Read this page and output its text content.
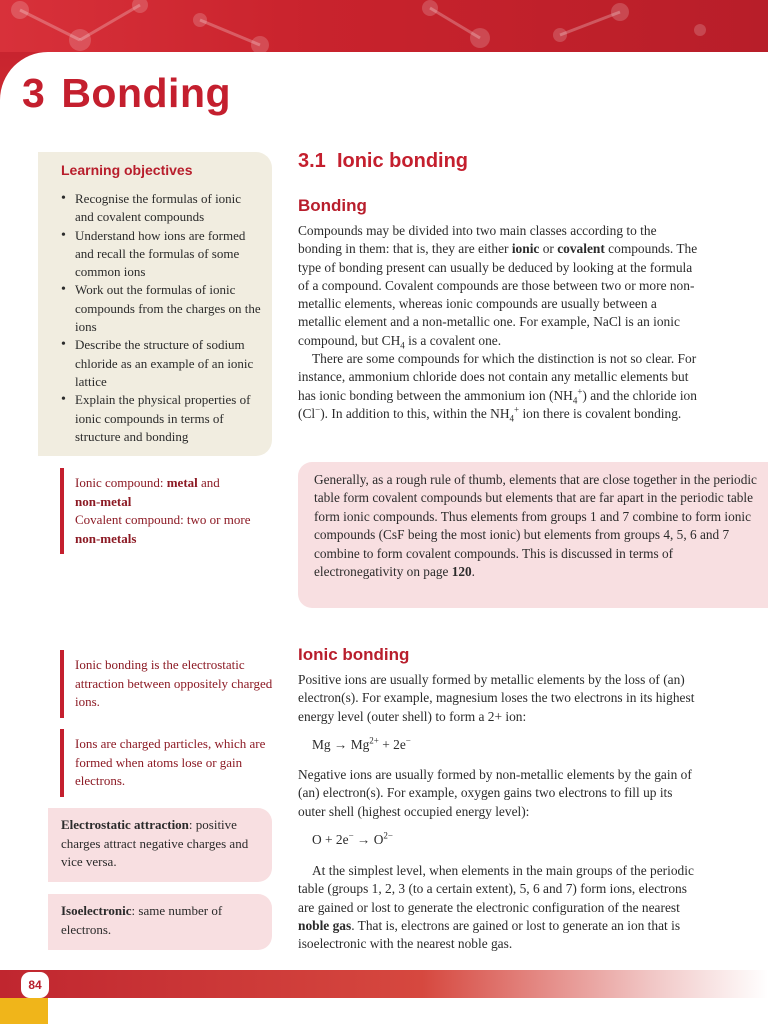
3 Bonding
Learning objectives
• Recognise the formulas of ionic and covalent compounds
• Understand how ions are formed and recall the formulas of some common ions
• Work out the formulas of ionic compounds from the charges on the ions
• Describe the structure of sodium chloride as an example of an ionic lattice
• Explain the physical properties of ionic compounds in terms of structure and bonding
Ionic compound: metal and
non-metal
Covalent compound: two or more
non-metals
Ionic bonding is the electrostatic attraction between oppositely charged ions.
Ions are charged particles, which are formed when atoms lose or gain electrons.
Electrostatic attraction: positive charges attract negative charges and vice versa.
Isoelectronic: same number of electrons.
3.1 Ionic bonding
Bonding
Compounds may be divided into two main classes according to the bonding in them: that is, they are either ionic or covalent compounds. The type of bonding present can usually be deduced by looking at the formula of a compound. Covalent compounds are those between two or more non-metallic elements, whereas ionic compounds are usually between a metallic element and a non-metallic one. For example, NaCl is an ionic compound, but $CH_4$ is a covalent one.
There are some compounds for which the distinction is not so clear. For instance, ammonium chloride does not contain any metallic elements but has ionic bonding between the ammonium ion $(NH_4^+)$ and the chloride ion (Cl−). In addition to this, within the $NH_4^+$ ion there is covalent bonding.
Generally, as a rough rule of thumb, elements that are close together in the periodic table form covalent compounds but elements that are far apart in the periodic table form ionic compounds. Thus elements from groups 1 and 7 combine to form ionic compounds (CsF being the most ionic) but elements from groups 4, 5, 6 and 7 combine to form covalent compounds. This is discussed in terms of electronegativity on page 120.
Ionic bonding
Positive ions are usually formed by metallic elements by the loss of (an) electron(s). For example, magnesium loses the two electrons in its highest energy level (outer shell) to form a 2+ ion:
$Mg \to Mg^{2+} + 2e^-$
Negative ions are usually formed by non-metallic elements by the gain of (an) electron(s). For example, oxygen gains two electrons to fill up its outer shell (highest occupied energy level):
$O + 2e^- \to O^{2-}$
At the simplest level, when elements in the main groups of the periodic table (groups 1, 2, 3 (to a certain extent), 5, 6 and 7) form ions, electrons are gained or lost to generate the electronic configuration of the nearest noble gas. That is, electrons are gained or lost to generate an ion that is isoelectronic with the nearest noble gas.
84
